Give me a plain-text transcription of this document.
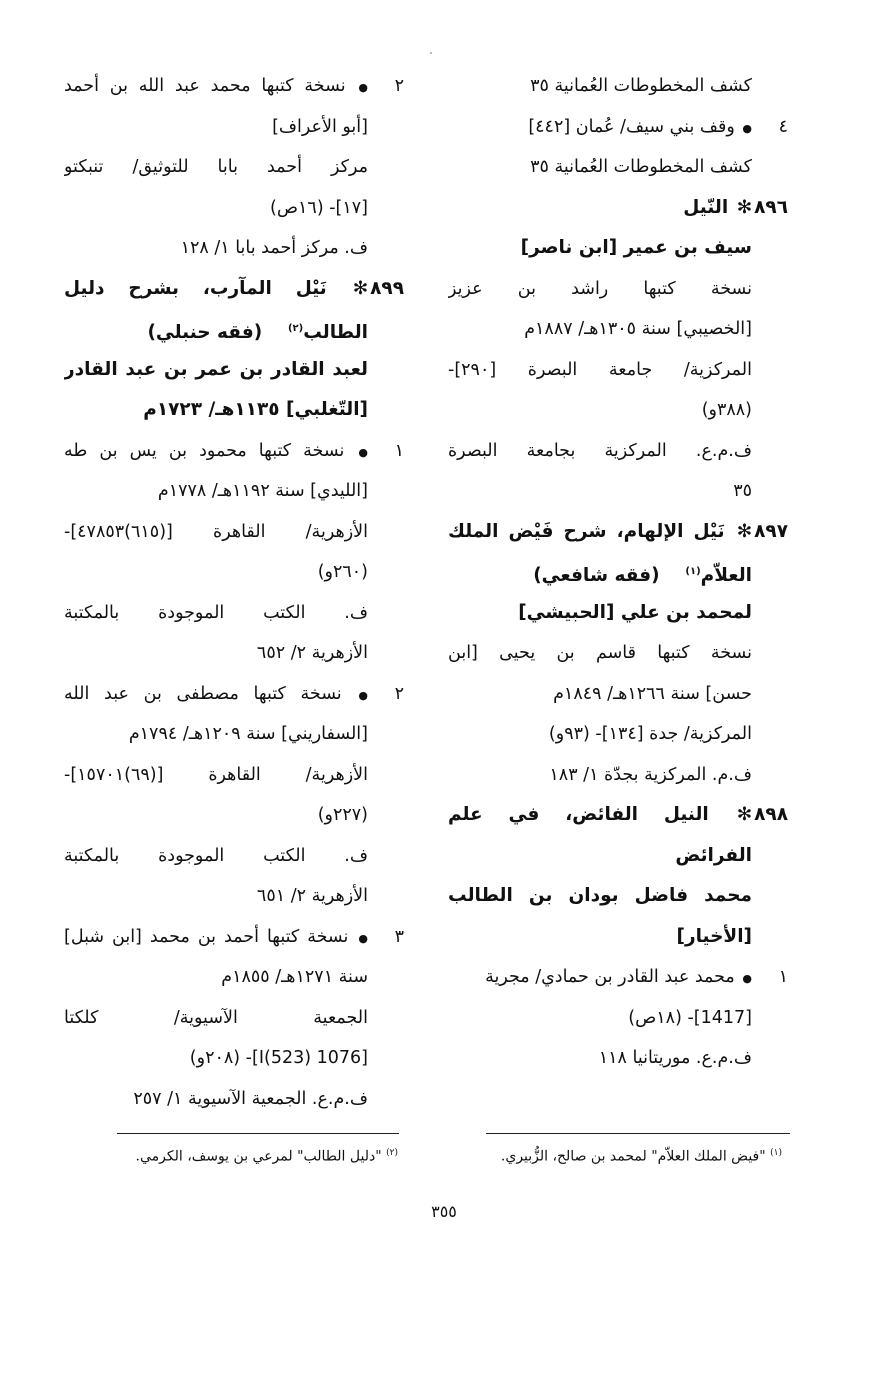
كشف المخطوطات العُمانية ٣٥
٤● وقف بني سيف/ عُمان [٤٤٢]
كشف المخطوطات العُمانية ٣٥
٨٩٦✻ النّيل
سيف بن عمير [ابن ناصر]
نسخة كتبها راشد بن عزيز
[الخصيبي] سنة ١٣٠٥هـ/ ١٨٨٧م
المركزية/ جامعة البصرة [٢٩٠]-
(٣٨٨و)
ف.م.ع. المركزية بجامعة البصرة
٣٥
٨٩٧✻ نَيْل الإلهام، شرح فَيْض الملك
العلاّم$^{(١)}$    (فقه شافعي)
لمحمد بن علي [الحبيشي]
نسخة كتبها قاسم بن يحيى [ابن
حسن] سنة ١٢٦٦هـ/ ١٨٤٩م
المركزية/ جدة [١٣٤]- (٩٣و)
ف.م. المركزية بجدّة ١/ ١٨٣
٨٩٨✻ النيل الفائض، في علم
الفرائض
محمد فاضل بودان بن الطالب
[الأخيار]
١● محمد عبد القادر بن حمادي/ مجرية
[1417]- (١٨ص)
ف.م.ع. موريتانيا ١١٨
٢● نسخة كتبها محمد عبد الله بن أحمد
[أبو الأعراف]
مركز أحمد بابا للتوثيق/ تنبكتو
[١٧]- (١٦ص)
ف. مركز أحمد بابا ١/ ١٢٨
٨٩٩✻ نَيْل المآرب، بشرح دليل
الطالب$^{(٢)}$    (فقه حنبلي)
لعبد القادر بن عمر بن عبد القادر
[التّغلبي] ١١٣٥هـ/ ١٧٢٣م
١● نسخة كتبها محمود بن يس بن طه
[الليدي] سنة ١١٩٢هـ/ ١٧٧٨م
الأزهرية/ القاهرة [(٦١٥)٤٧٨٥٣]-
(٢٦٠و)
ف. الكتب الموجودة بالمكتبة
الأزهرية ٢/ ٦٥٢
٢● نسخة كتبها مصطفى بن عبد الله
[السفاريني] سنة ١٢٠٩هـ/ ١٧٩٤م
الأزهرية/ القاهرة [(٦٩)١٥٧٠١]-
(٢٢٧و)
ف. الكتب الموجودة بالمكتبة
الأزهرية ٢/ ٦٥١
٣● نسخة كتبها أحمد بن محمد [ابن شبل]
سنة ١٢٧١هـ/ ١٨٥٥م
الجمعية الآسيوية/ كلكتا
[1076 I(523)]- (٢٠٨و)
ف.م.ع. الجمعية الآسيوية ١/ ٢٥٧
$^{(١)}$ "فيض الملك العلاّم" لمحمد بن صالح، الزُّبيري.
$^{(٢)}$ "دليل الطالب" لمرعي بن يوسف، الكرمي.
٣٥٥
